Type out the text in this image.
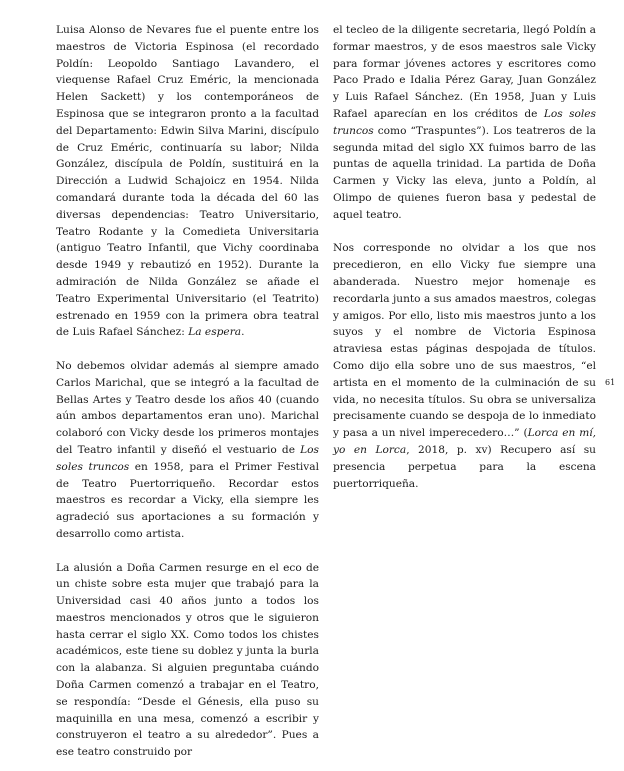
Luisa Alonso de Nevares fue el puente entre los maestros de Victoria Espinosa (el recordado Poldín: Leopoldo Santiago Lavandero, el viequense Rafael Cruz Eméric, la mencionada Helen Sackett) y los contemporáneos de Espinosa que se integraron pronto a la facultad del Departamento: Edwin Silva Marini, discípulo de Cruz Eméric, continuaría su labor; Nilda González, discípula de Poldín, sustituirá en la Dirección a Ludwid Schajoicz en 1954. Nilda comandará durante toda la década del 60 las diversas dependencias: Teatro Universitario, Teatro Rodante y la Comedieta Universitaria (antiguo Teatro Infantil, que Vichy coordinaba desde 1949 y rebautizó en 1952). Durante la admiración de Nilda González se añade el Teatro Experimental Universitario (el Teatrito) estrenado en 1959 con la primera obra teatral de Luis Rafael Sánchez: La espera.

No debemos olvidar además al siempre amado Carlos Marichal, que se integró a la facultad de Bellas Artes y Teatro desde los años 40 (cuando aún ambos departamentos eran uno). Marichal colaboró con Vicky desde los primeros montajes del Teatro infantil y diseñó el vestuario de Los soles truncos en 1958, para el Primer Festival de Teatro Puertorriqueño. Recordar estos maestros es recordar a Vicky, ella siempre les agradeció sus aportaciones a su formación y desarrollo como artista.

La alusión a Doña Carmen resurge en el eco de un chiste sobre esta mujer que trabajó para la Universidad casi 40 años junto a todos los maestros mencionados y otros que le siguieron hasta cerrar el siglo XX. Como todos los chistes académicos, este tiene su doblez y junta la burla con la alabanza. Si alguien preguntaba cuándo Doña Carmen comenzó a trabajar en el Teatro, se respondía: “Desde el Génesis, ella puso su maquinilla en una mesa, comenzó a escribir y construyeron el teatro a su alrededor”. Pues a ese teatro construido por

el tecleo de la diligente secretaria, llegó Poldín a formar maestros, y de esos maestros sale Vicky para formar jóvenes actores y escritores como Paco Prado e Idalia Pérez Garay, Juan González y Luis Rafael Sánchez. (En 1958, Juan y Luis Rafael aparecían en los créditos de Los soles truncos como “Traspuntes”). Los teatreros de la segunda mitad del siglo XX fuimos barro de las puntas de aquella trinidad. La partida de Doña Carmen y Vicky las eleva, junto a Poldín, al Olimpo de quienes fueron basa y pedestal de aquel teatro.

Nos corresponde no olvidar a los que nos precedieron, en ello Vicky fue siempre una abanderada. Nuestro mejor homenaje es recordarla junto a sus amados maestros, colegas y amigos. Por ello, listo mis maestros junto a los suyos y el nombre de Victoria Espinosa atraviesa estas páginas despojada de títulos. Como dijo ella sobre uno de sus maestros, “el artista en el momento de la culminación de su vida, no necesita títulos. Su obra se universaliza precisamente cuando se despoja de lo inmediato y pasa a un nivel imperecedero…” (Lorca en mí, yo en Lorca, 2018, p. xv) Recupero así su presencia perpetua para la escena puertorriqueña.

61
